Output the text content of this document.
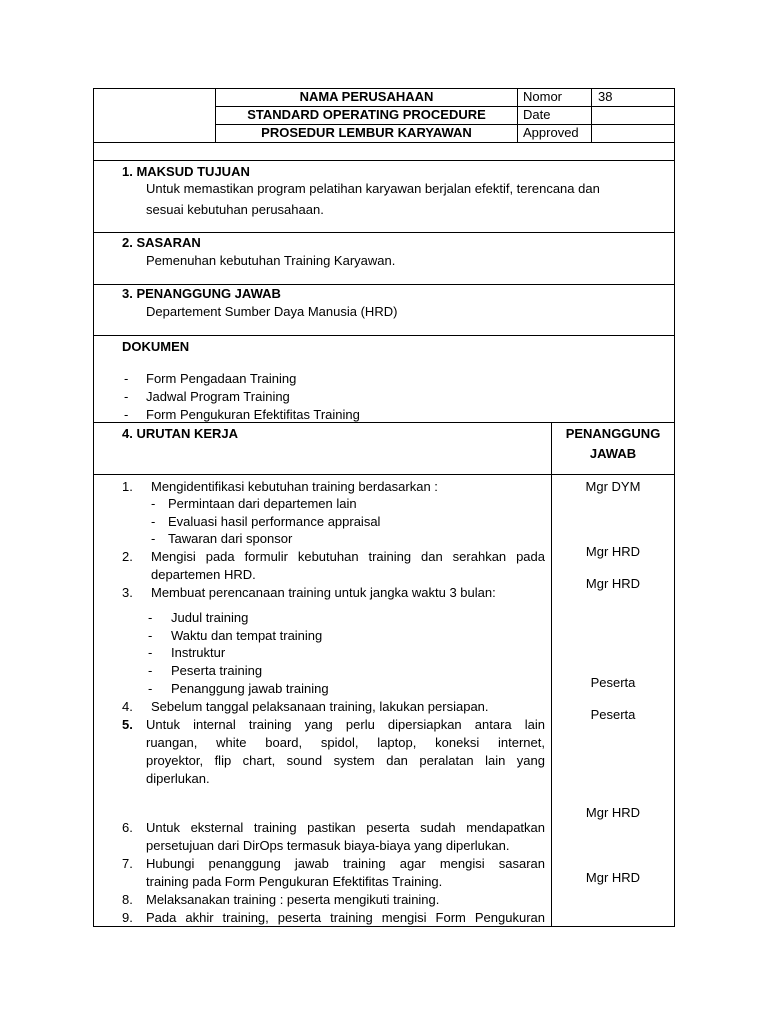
NAMA PERUSAHAAN
STANDARD OPERATING PROCEDURE
PROSEDUR LEMBUR KARYAWAN
Nomor	38
Date
Approved
1. MAKSUD TUJUAN
Untuk memastikan program pelatihan karyawan berjalan efektif, terencana dan
sesuai kebutuhan perusahaan.
2. SASARAN
Pemenuhan kebutuhan Training Karyawan.
3. PENANGGUNG JAWAB
Departement Sumber Daya Manusia (HRD)
DOKUMEN
- Form Pengadaan Training
- Jadwal Program Training
- Form Pengukuran Efektifitas Training
4. URUTAN KERJA	PENANGGUNG
JAWAB
1. Mengidentifikasi kebutuhan training berdasarkan :
- Permintaan dari departemen lain
- Evaluasi hasil performance appraisal
- Tawaran dari sponsor
2. Mengisi pada formulir kebutuhan training dan serahkan pada
departemen HRD.
3. Membuat perencanaan training untuk jangka waktu 3 bulan:
- Judul training
- Waktu dan tempat training
- Instruktur
- Peserta training
- Penanggung jawab training
4. Sebelum tanggal pelaksanaan training, lakukan persiapan.
5. Untuk internal training yang perlu dipersiapkan antara lain
ruangan, white board, spidol, laptop, koneksi internet,
proyektor, flip chart, sound system dan peralatan lain yang
diperlukan.
6. Untuk eksternal training pastikan peserta sudah mendapatkan
persetujuan dari DirOps termasuk biaya-biaya yang diperlukan.
7. Hubungi penanggung jawab training agar mengisi sasaran
training pada Form Pengukuran Efektifitas Training.
8. Melaksanakan training : peserta mengikuti training.
9. Pada akhir training, peserta training mengisi Form Pengukuran
Mgr DYM
Mgr HRD
Mgr HRD
Peserta
Peserta
Mgr HRD
Mgr HRD
